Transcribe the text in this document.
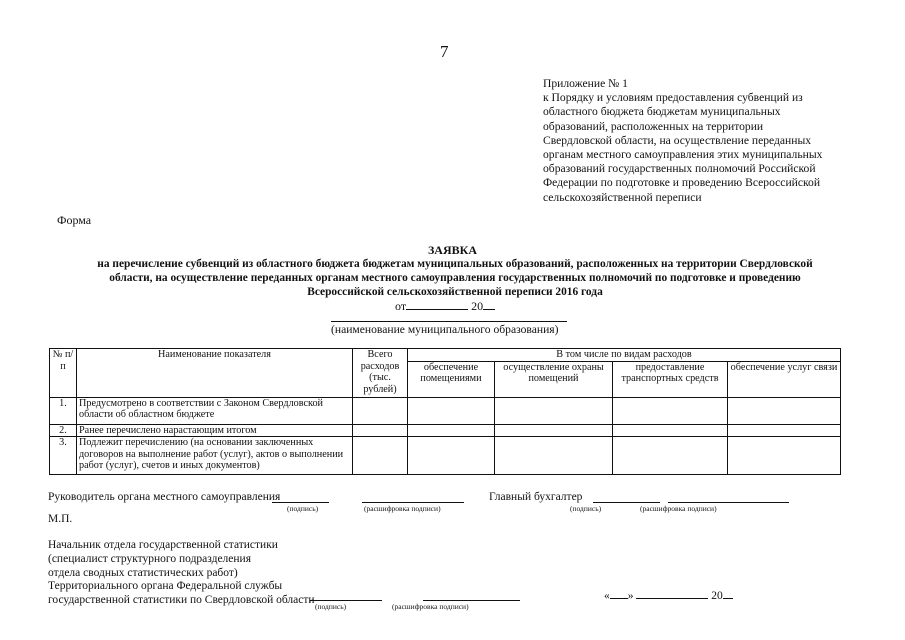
7
Приложение № 1
к Порядку и условиям предоставления субвенций из
областного бюджета бюджетам муниципальных
образований, расположенных на территории
Свердловской области, на осуществление переданных
органам местного самоуправления этих муниципальных
образований государственных полномочий Российской
Федерации по подготовке и проведению Всероссийской
сельскохозяйственной переписи
Форма
ЗАЯВКА
на перечисление субвенций из областного бюджета бюджетам муниципальных образований, расположенных на территории Свердловской
области, на осуществление переданных органам местного самоуправления государственных полномочий по подготовке и проведению
Всероссийской сельскохозяйственной переписи 2016 года
от	20
(наименование муниципального образования)
№ п/п	Наименование показателя	Всего расходов (тыс. рублей)	В том числе по видам расходов			
			обеспечение помещениями	осуществление охраны помещений	предоставление транспортных средств	обеспечение услуг связи
1.	Предусмотрено в соответствии с Законом Свердловской области об областном бюджете					
2.	Ранее перечислено нарастающим итогом					
3.	Подлежит перечислению (на основании заключенных договоров на выполнение работ (услуг), актов о выполнении работ (услуг), счетов и иных документов)					
Руководитель органа местного самоуправления
(подпись)	(расшифровка подписи)
Главный бухгалтер
(подпись)	(расшифровка подписи)
М.П.
Начальник отдела государственной статистики
(специалист структурного подразделения
отдела сводных статистических работ)
Территориального органа Федеральной службы
государственной статистики по Свердловской области
(подпись)	(расшифровка подписи)
« »	20
